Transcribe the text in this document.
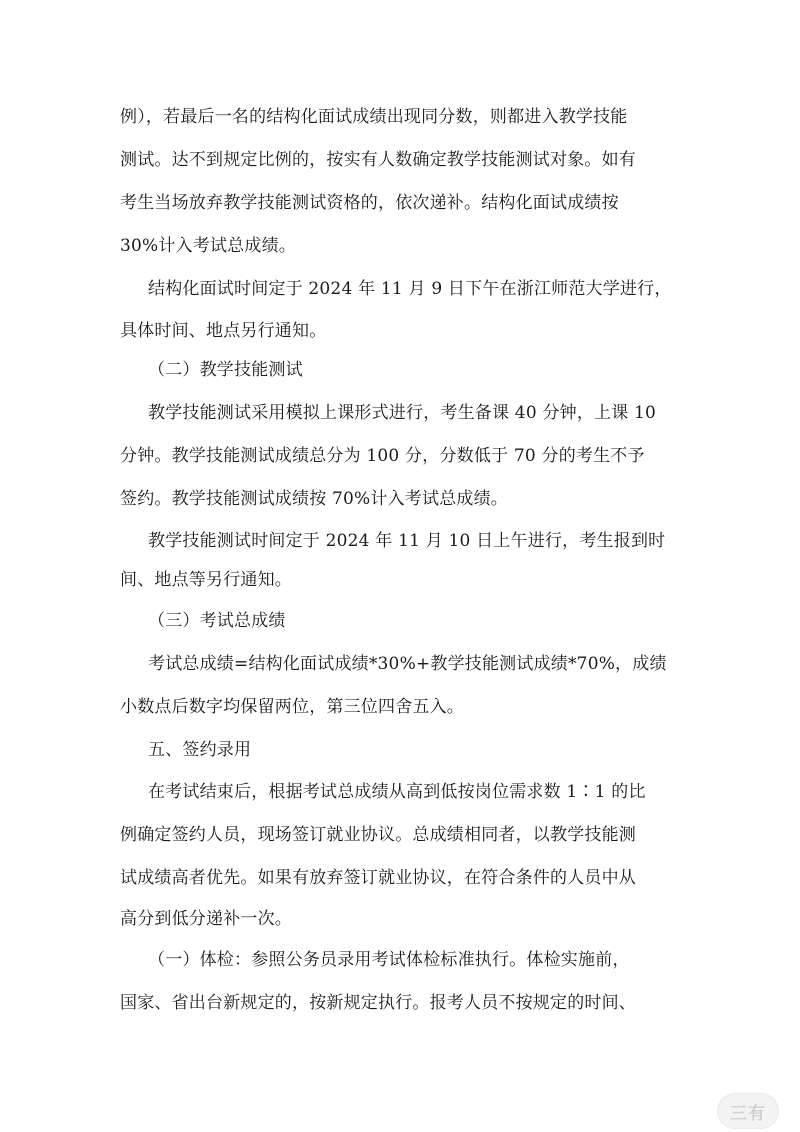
例），若最后一名的结构化面试成绩出现同分数，则都进入教学技能
测试。达不到规定比例的，按实有人数确定教学技能测试对象。如有
考生当场放弃教学技能测试资格的，依次递补。结构化面试成绩按
30%计入考试总成绩。
结构化面试时间定于 2024 年 11 月 9 日下午在浙江师范大学进行，
具体时间、地点另行通知。
（二）教学技能测试
教学技能测试采用模拟上课形式进行，考生备课 40 分钟，上课 10
分钟。教学技能测试成绩总分为 100 分，分数低于 70 分的考生不予
签约。教学技能测试成绩按 70%计入考试总成绩。
教学技能测试时间定于 2024 年 11 月 10 日上午进行，考生报到时
间、地点等另行通知。
（三）考试总成绩
考试总成绩=结构化面试成绩*30%+教学技能测试成绩*70%，成绩
小数点后数字均保留两位，第三位四舍五入。
五、签约录用
在考试结束后，根据考试总成绩从高到低按岗位需求数 1∶1 的比
例确定签约人员，现场签订就业协议。总成绩相同者，以教学技能测
试成绩高者优先。如果有放弃签订就业协议，在符合条件的人员中从
高分到低分递补一次。
（一）体检：参照公务员录用考试体检标准执行。体检实施前，
国家、省出台新规定的，按新规定执行。报考人员不按规定的时间、
三有
